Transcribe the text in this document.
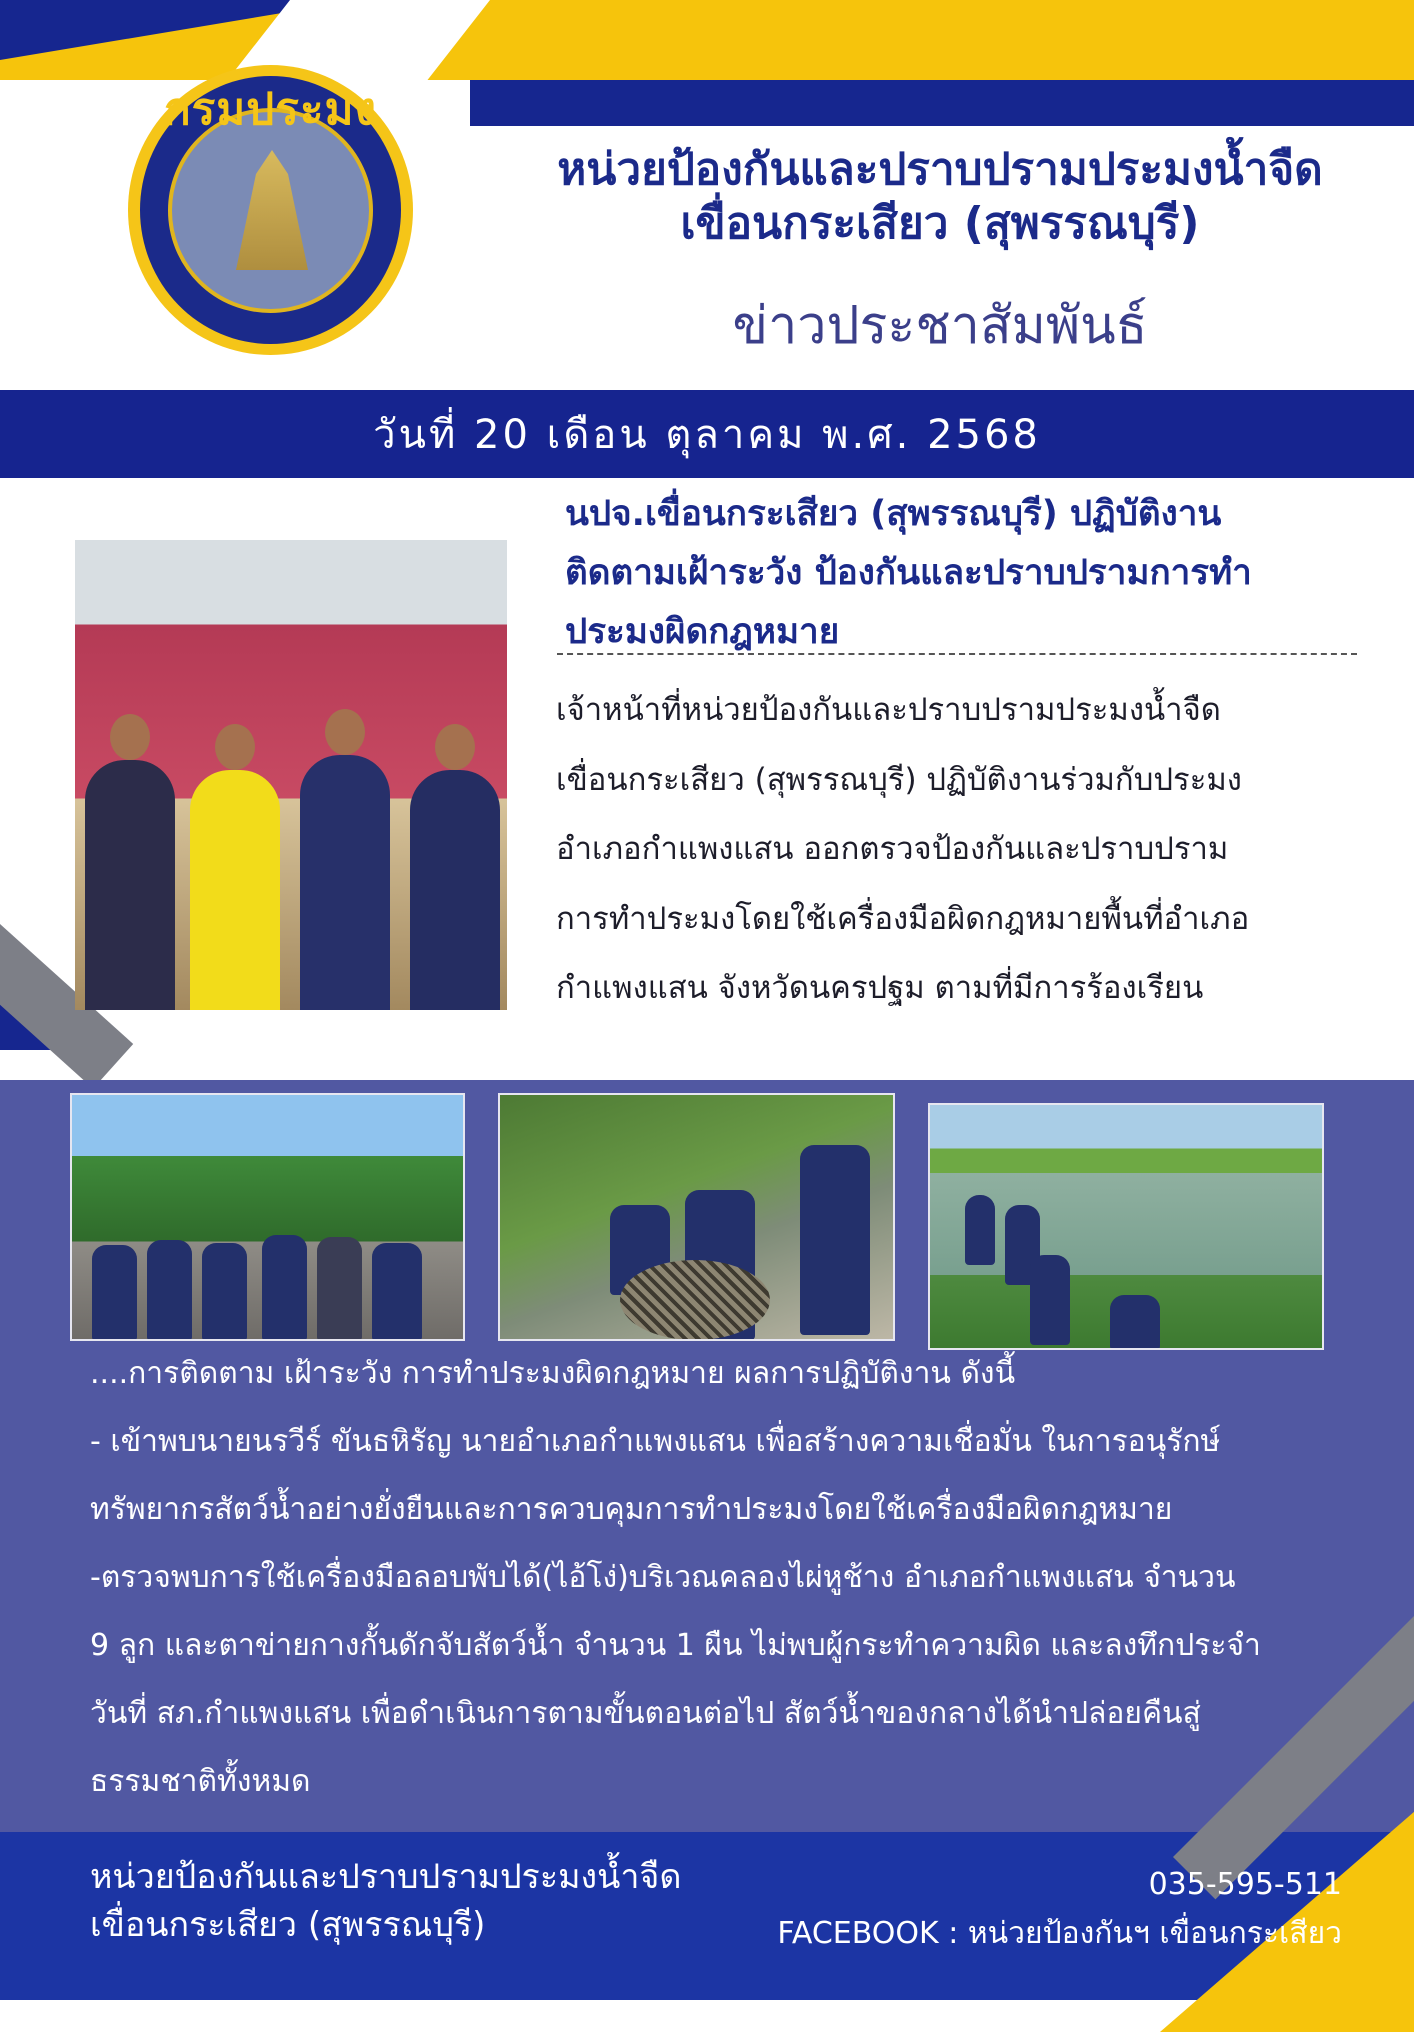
กรมประมง
หน่วยป้องกันและปราบปรามประมงน้ำจืด
เขื่อนกระเสียว (สุพรรณบุรี)
ข่าวประชาสัมพันธ์
วันที่ 20 เดือน ตุลาคม พ.ศ. 2568
นปจ.เขื่อนกระเสียว (สุพรรณบุรี) ปฏิบัติงาน
ติดตามเฝ้าระวัง ป้องกันและปราบปรามการทำ
ประมงผิดกฎหมาย
เจ้าหน้าที่หน่วยป้องกันและปราบปรามประมงน้ำจืด
เขื่อนกระเสียว (สุพรรณบุรี) ปฏิบัติงานร่วมกับประมง
อำเภอกำแพงแสน ออกตรวจป้องกันและปราบปราม
การทำประมงโดยใช้เครื่องมือผิดกฎหมายพื้นที่อำเภอ
กำแพงแสน จังหวัดนครปฐม ตามที่มีการร้องเรียน
....การติดตาม เฝ้าระวัง การทำประมงผิดกฎหมาย ผลการปฏิบัติงาน ดังนี้
- เข้าพบนายนรวีร์ ขันธหิรัญ นายอำเภอกำแพงแสน เพื่อสร้างความเชื่อมั่น ในการอนุรักษ์
ทรัพยากรสัตว์น้ำอย่างยั่งยืนและการควบคุมการทำประมงโดยใช้เครื่องมือผิดกฎหมาย
-ตรวจพบการใช้เครื่องมือลอบพับได้(ไอ้โง่)บริเวณคลองไผ่หูช้าง อำเภอกำแพงแสน จำนวน
9 ลูก และตาข่ายกางกั้นดักจับสัตว์น้ำ จำนวน 1 ผืน ไม่พบผู้กระทำความผิด และลงทึกประจำ
วันที่ สภ.กำแพงแสน เพื่อดำเนินการตามขั้นตอนต่อไป สัตว์น้ำของกลางได้นำปล่อยคืนสู่
ธรรมชาติทั้งหมด
หน่วยป้องกันและปราบปรามประมงน้ำจืด
เขื่อนกระเสียว (สุพรรณบุรี)
035-595-511
FACEBOOK : หน่วยป้องกันฯ เขื่อนกระเสียว
